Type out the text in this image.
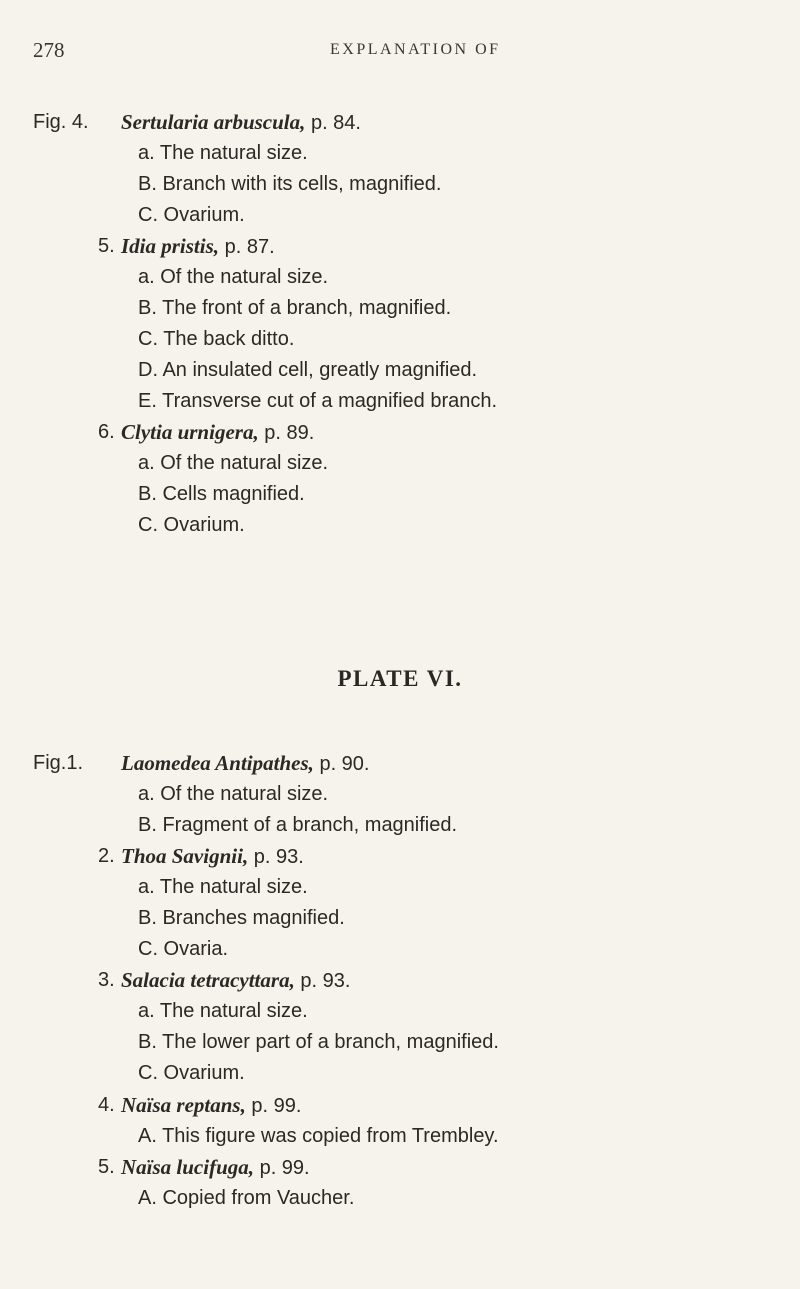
278	EXPLANATION OF
Fig. 4. Sertularia arbuscula, p. 84.
a. The natural size.
B. Branch with its cells, magnified.
C. Ovarium.
5. Idia pristis, p. 87.
a. Of the natural size.
B. The front of a branch, magnified.
C. The back ditto.
D. An insulated cell, greatly magnified.
E. Transverse cut of a magnified branch.
6. Clytia urnigera, p. 89.
a. Of the natural size.
B. Cells magnified.
C. Ovarium.
PLATE VI.
Fig.1. Laomedea Antipathes, p. 90.
a. Of the natural size.
B. Fragment of a branch, magnified.
2. Thoa Savignii, p. 93.
a. The natural size.
B. Branches magnified.
C. Ovaria.
3. Salacia tetracyttara, p. 93.
a. The natural size.
B. The lower part of a branch, magnified.
C. Ovarium.
4. Naïsa reptans, p. 99.
A. This figure was copied from Trembley.
5. Naïsa lucifuga, p. 99.
A. Copied from Vaucher.
